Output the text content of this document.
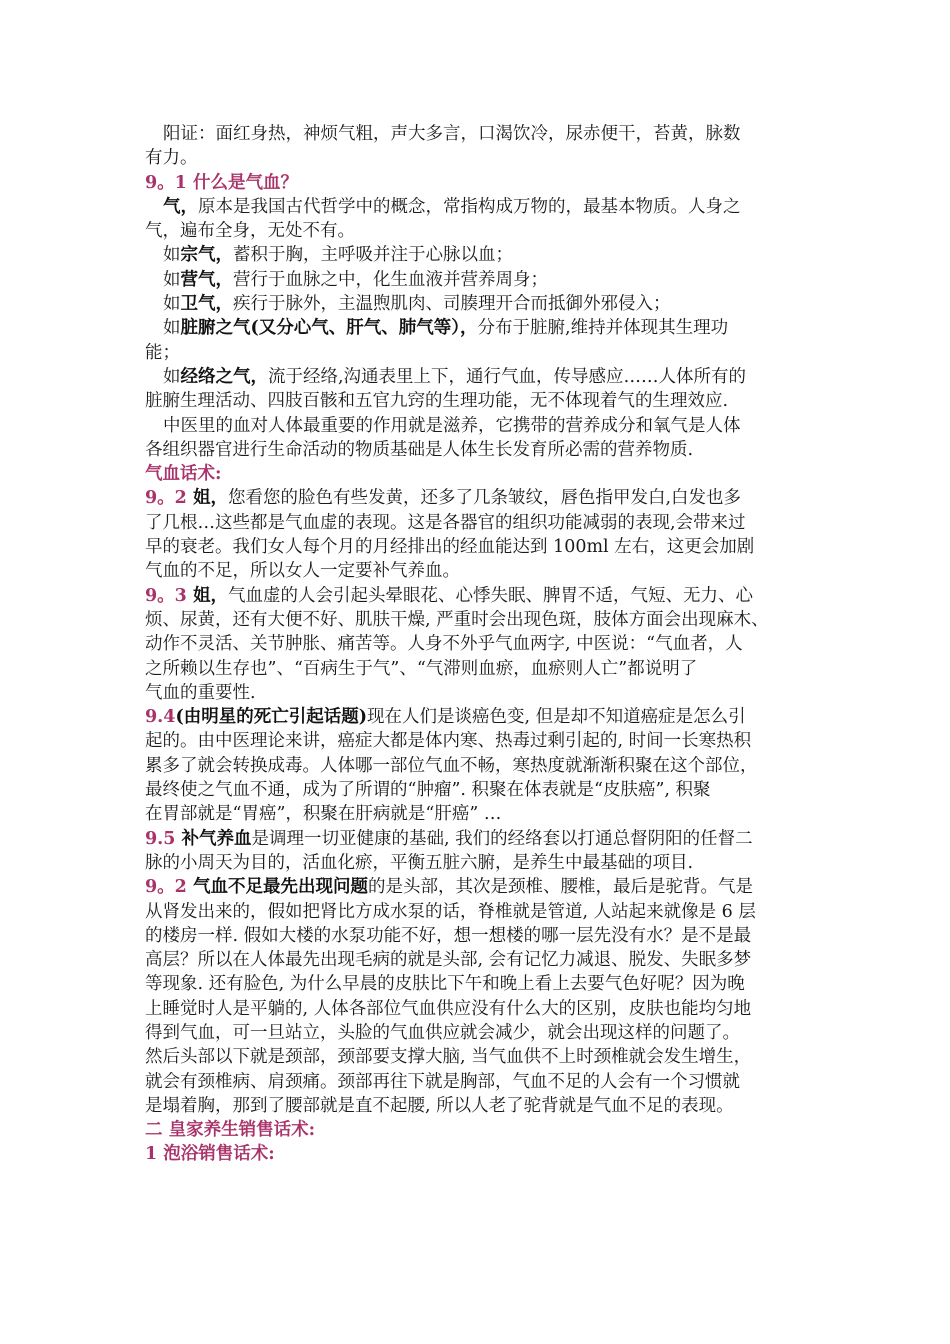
阳证：面红身热，神烦气粗，声大多言，口渴饮冷，尿赤便干，苔黄，脉数
有力。
9。1 什么是气血？
气，原本是我国古代哲学中的概念，常指构成万物的，最基本物质。人身之
气，遍布全身，无处不有。
如宗气，蓄积于胸，主呼吸并注于心脉以血；
如营气，营行于血脉之中，化生血液并营养周身；
如卫气，疾行于脉外，主温煦肌肉、司腠理开合而抵御外邪侵入；
如脏腑之气(又分心气、肝气、肺气等），分布于脏腑,维持并体现其生理功
能；
如经络之气，流于经络,沟通表里上下，通行气血，传导感应……人体所有的
脏腑生理活动、四肢百骸和五官九窍的生理功能，无不体现着气的生理效应.
中医里的血对人体最重要的作用就是滋养，它携带的营养成分和氧气是人体
各组织器官进行生命活动的物质基础是人体生长发育所必需的营养物质.
气血话术:
9。2 姐，您看您的脸色有些发黄，还多了几条皱纹，唇色指甲发白,白发也多
了几根…这些都是气血虚的表现。这是各器官的组织功能减弱的表现,会带来过
早的衰老。我们女人每个月的月经排出的经血能达到 100ml 左右，这更会加剧
气血的不足，所以女人一定要补气养血。
9。3 姐，气血虚的人会引起头晕眼花、心悸失眠、脾胃不适，气短、无力、心
烦、尿黄，还有大便不好、肌肤干燥, 严重时会出现色斑，肢体方面会出现麻木、
动作不灵活、关节肿胀、痛苦等。人身不外乎气血两字, 中医说：“气血者，人
之所赖以生存也”、“百病生于气”、“气滞则血瘀，血瘀则人亡”都说明了
气血的重要性.
9.4(由明星的死亡引起话题)现在人们是谈癌色变, 但是却不知道癌症是怎么引
起的。由中医理论来讲，癌症大都是体内寒、热毒过剩引起的, 时间一长寒热积
累多了就会转换成毒。人体哪一部位气血不畅，寒热度就渐渐积聚在这个部位，
最终使之气血不通，成为了所谓的“肿瘤”. 积聚在体表就是“皮肤癌”, 积聚
在胃部就是“胃癌”，积聚在肝病就是“肝癌” …
9.5 补气养血是调理一切亚健康的基础, 我们的经络套以打通总督阴阳的任督二
脉的小周天为目的，活血化瘀，平衡五脏六腑，是养生中最基础的项目.
9。2 气血不足最先出现问题的是头部，其次是颈椎、腰椎，最后是驼背。气是
从肾发出来的，假如把肾比方成水泵的话，脊椎就是管道, 人站起来就像是 6 层
的楼房一样. 假如大楼的水泵功能不好，想一想楼的哪一层先没有水？是不是最
高层？所以在人体最先出现毛病的就是头部, 会有记忆力减退、脱发、失眠多梦
等现象. 还有脸色, 为什么早晨的皮肤比下午和晚上看上去要气色好呢？因为晚
上睡觉时人是平躺的, 人体各部位气血供应没有什么大的区别，皮肤也能均匀地
得到气血，可一旦站立，头脸的气血供应就会减少，就会出现这样的问题了。
然后头部以下就是颈部，颈部要支撑大脑, 当气血供不上时颈椎就会发生增生，
就会有颈椎病、肩颈痛。颈部再往下就是胸部，气血不足的人会有一个习惯就
是塌着胸，那到了腰部就是直不起腰, 所以人老了驼背就是气血不足的表现。
二 皇家养生销售话术:
1 泡浴销售话术:
